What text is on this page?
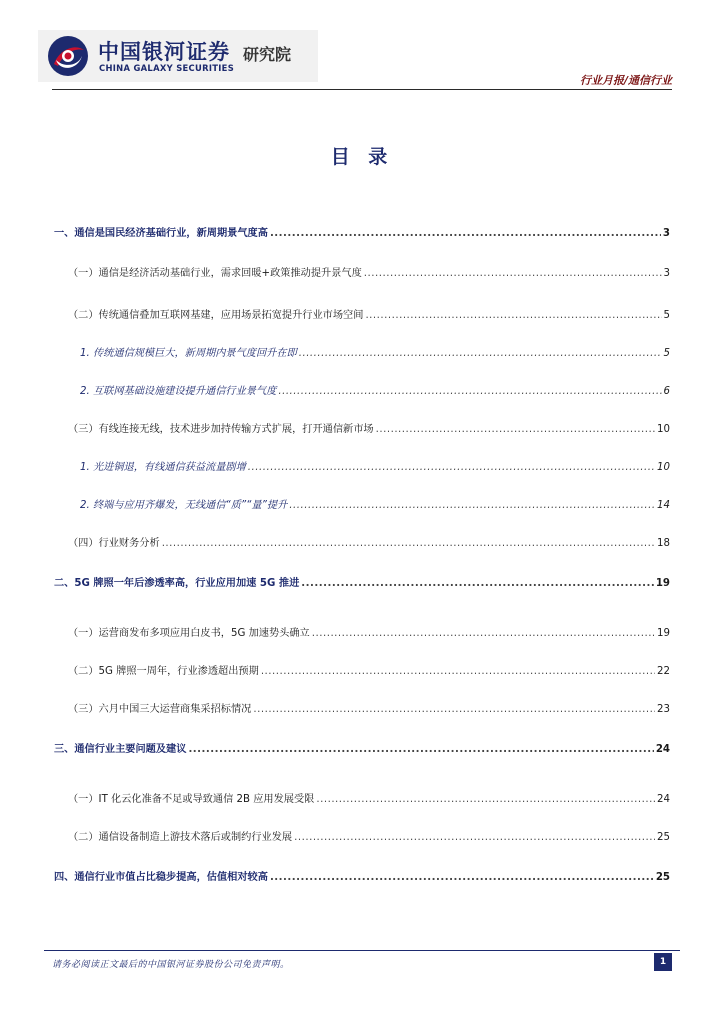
中国银河证券
CHINA GALAXY SECURITIES
研究院
行业月报/通信行业
目 录
一、通信是国民经济基础行业，新周期景气度高 .....	3
（一）通信是经济活动基础行业，需求回暖+政策推动提升景气度 .....	3
（二）传统通信叠加互联网基建，应用场景拓宽提升行业市场空间 .....	5
1. 传统通信规模巨大，新周期内景气度回升在即 .....	5
2. 互联网基础设施建设提升通信行业景气度 .....	6
（三）有线连接无线，技术进步加持传输方式扩展，打开通信新市场 .....	10
1. 光进铜退，有线通信获益流量剧增 .....	10
2. 终端与应用齐爆发，无线通信“质”“量”提升 .....	14
（四）行业财务分析 .....	18
二、5G 牌照一年后渗透率高，行业应用加速 5G 推进 .....	19
（一）运营商发布多项应用白皮书，5G 加速势头确立 .....	19
（二）5G 牌照一周年，行业渗透超出预期 .....	22
（三）六月中国三大运营商集采招标情况 .....	23
三、通信行业主要问题及建议 .....	24
（一）IT 化云化准备不足或导致通信 2B 应用发展受限 .....	24
（二）通信设备制造上游技术落后或制约行业发展 .....	25
四、通信行业市值占比稳步提高，估值相对较高 .....	25
请务必阅读正文最后的中国银河证券股份公司免责声明。	1
